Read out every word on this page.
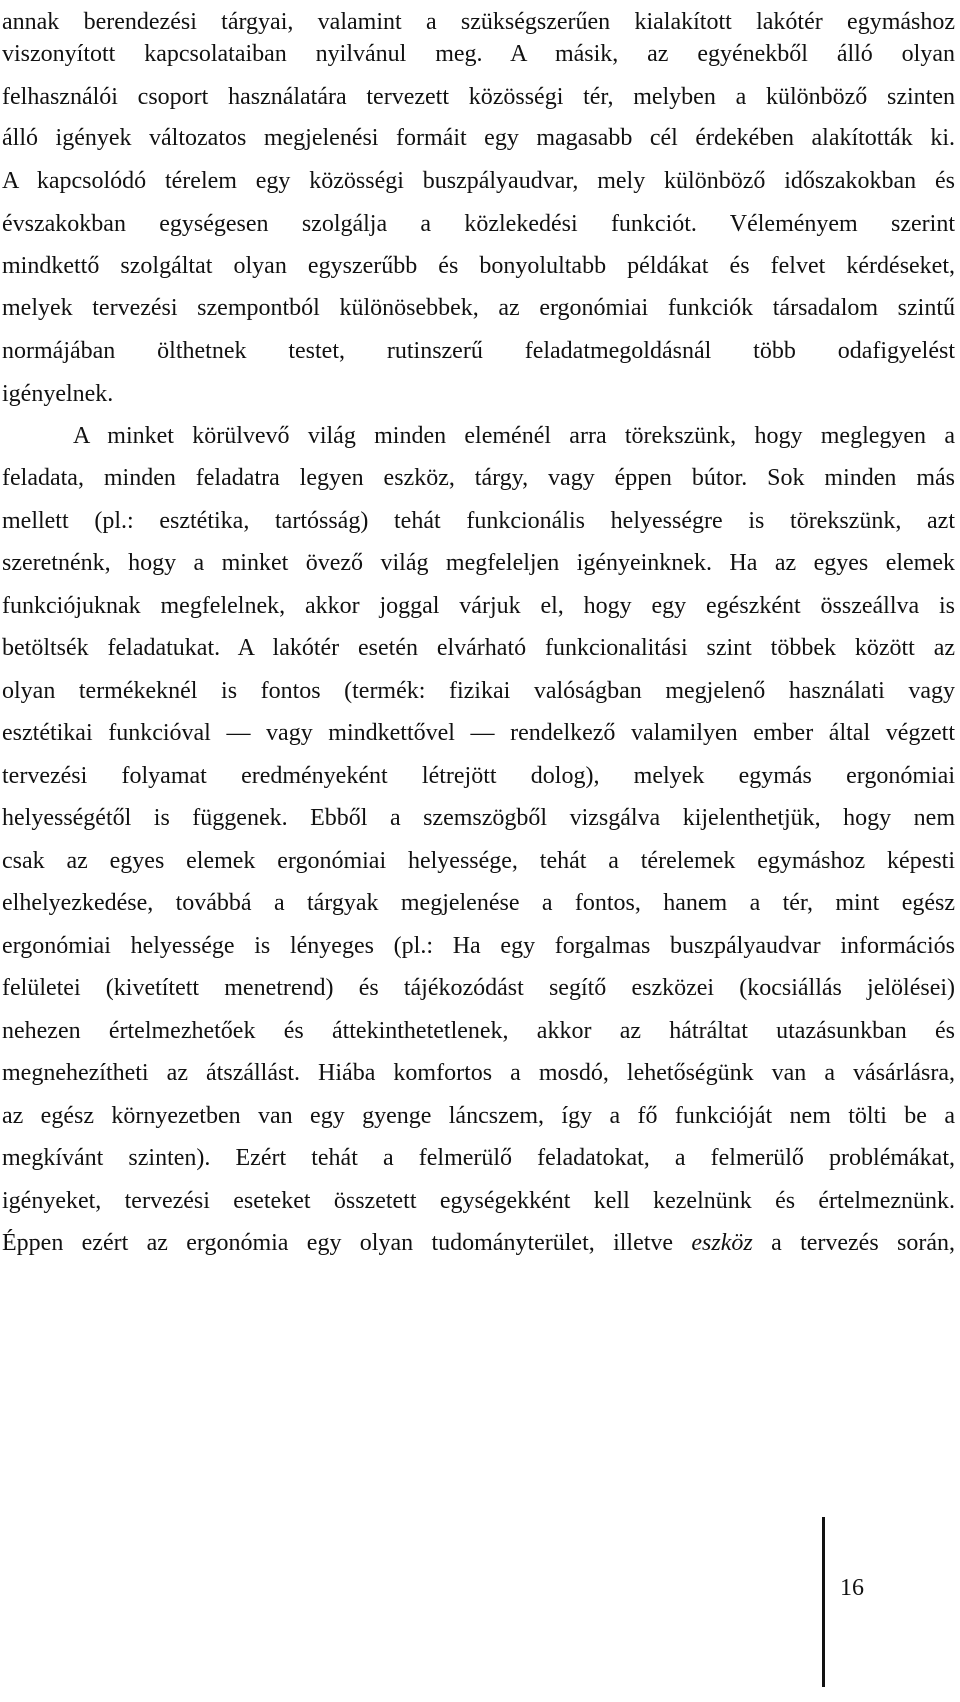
annak berendezési tárgyai, valamint a szükségszerűen kialakított lakótér egymáshoz
viszonyított kapcsolataiban nyilvánul meg. A másik, az egyénekből álló olyan
felhasználói csoport használatára tervezett közösségi tér, melyben a különböző szinten
álló igények változatos megjelenési formáit egy magasabb cél érdekében alakították ki.
A kapcsolódó térelem egy közösségi buszpályaudvar, mely különböző időszakokban és
évszakokban egységesen szolgálja a közlekedési funkciót. Véleményem szerint
mindkettő szolgáltat olyan egyszerűbb és bonyolultabb példákat és felvet kérdéseket,
melyek tervezési szempontból különösebbek, az ergonómiai funkciók társadalom szintű
normájában ölthetnek testet, rutinszerű feladatmegoldásnál több odafigyelést
igényelnek.
A minket körülvevő világ minden eleménél arra törekszünk, hogy meglegyen a
feladata, minden feladatra legyen eszköz, tárgy, vagy éppen bútor. Sok minden más
mellett (pl.: esztétika, tartósság) tehát funkcionális helyességre is törekszünk, azt
szeretnénk, hogy a minket övező világ megfeleljen igényeinknek. Ha az egyes elemek
funkciójuknak megfelelnek, akkor joggal várjuk el, hogy egy egészként összeállva is
betöltsék feladatukat. A lakótér esetén elvárható funkcionalitási szint többek között az
olyan termékeknél is fontos (termék: fizikai valóságban megjelenő használati vagy
esztétikai funkcióval — vagy mindkettővel — rendelkező valamilyen ember által végzett
tervezési folyamat eredményeként létrejött dolog), melyek egymás ergonómiai
helyességétől is függenek. Ebből a szemszögből vizsgálva kijelenthetjük, hogy nem
csak az egyes elemek ergonómiai helyessége, tehát a térelemek egymáshoz képesti
elhelyezkedése, továbbá a tárgyak megjelenése a fontos, hanem a tér, mint egész
ergonómiai helyessége is lényeges (pl.: Ha egy forgalmas buszpályaudvar információs
felületei (kivetített menetrend) és tájékozódást segítő eszközei (kocsiállás jelölései)
nehezen értelmezhetőek és áttekinthetetlenek, akkor az hátráltat utazásunkban és
megnehezítheti az átszállást. Hiába komfortos a mosdó, lehetőségünk van a vásárlásra,
az egész környezetben van egy gyenge láncszem, így a fő funkcióját nem tölti be a
megkívánt szinten). Ezért tehát a felmerülő feladatokat, a felmerülő problémákat,
igényeket, tervezési eseteket összetett egységekként kell kezelnünk és értelmeznünk.
Éppen ezért az ergonómia egy olyan tudományterület, illetve eszköz a tervezés során,
16
